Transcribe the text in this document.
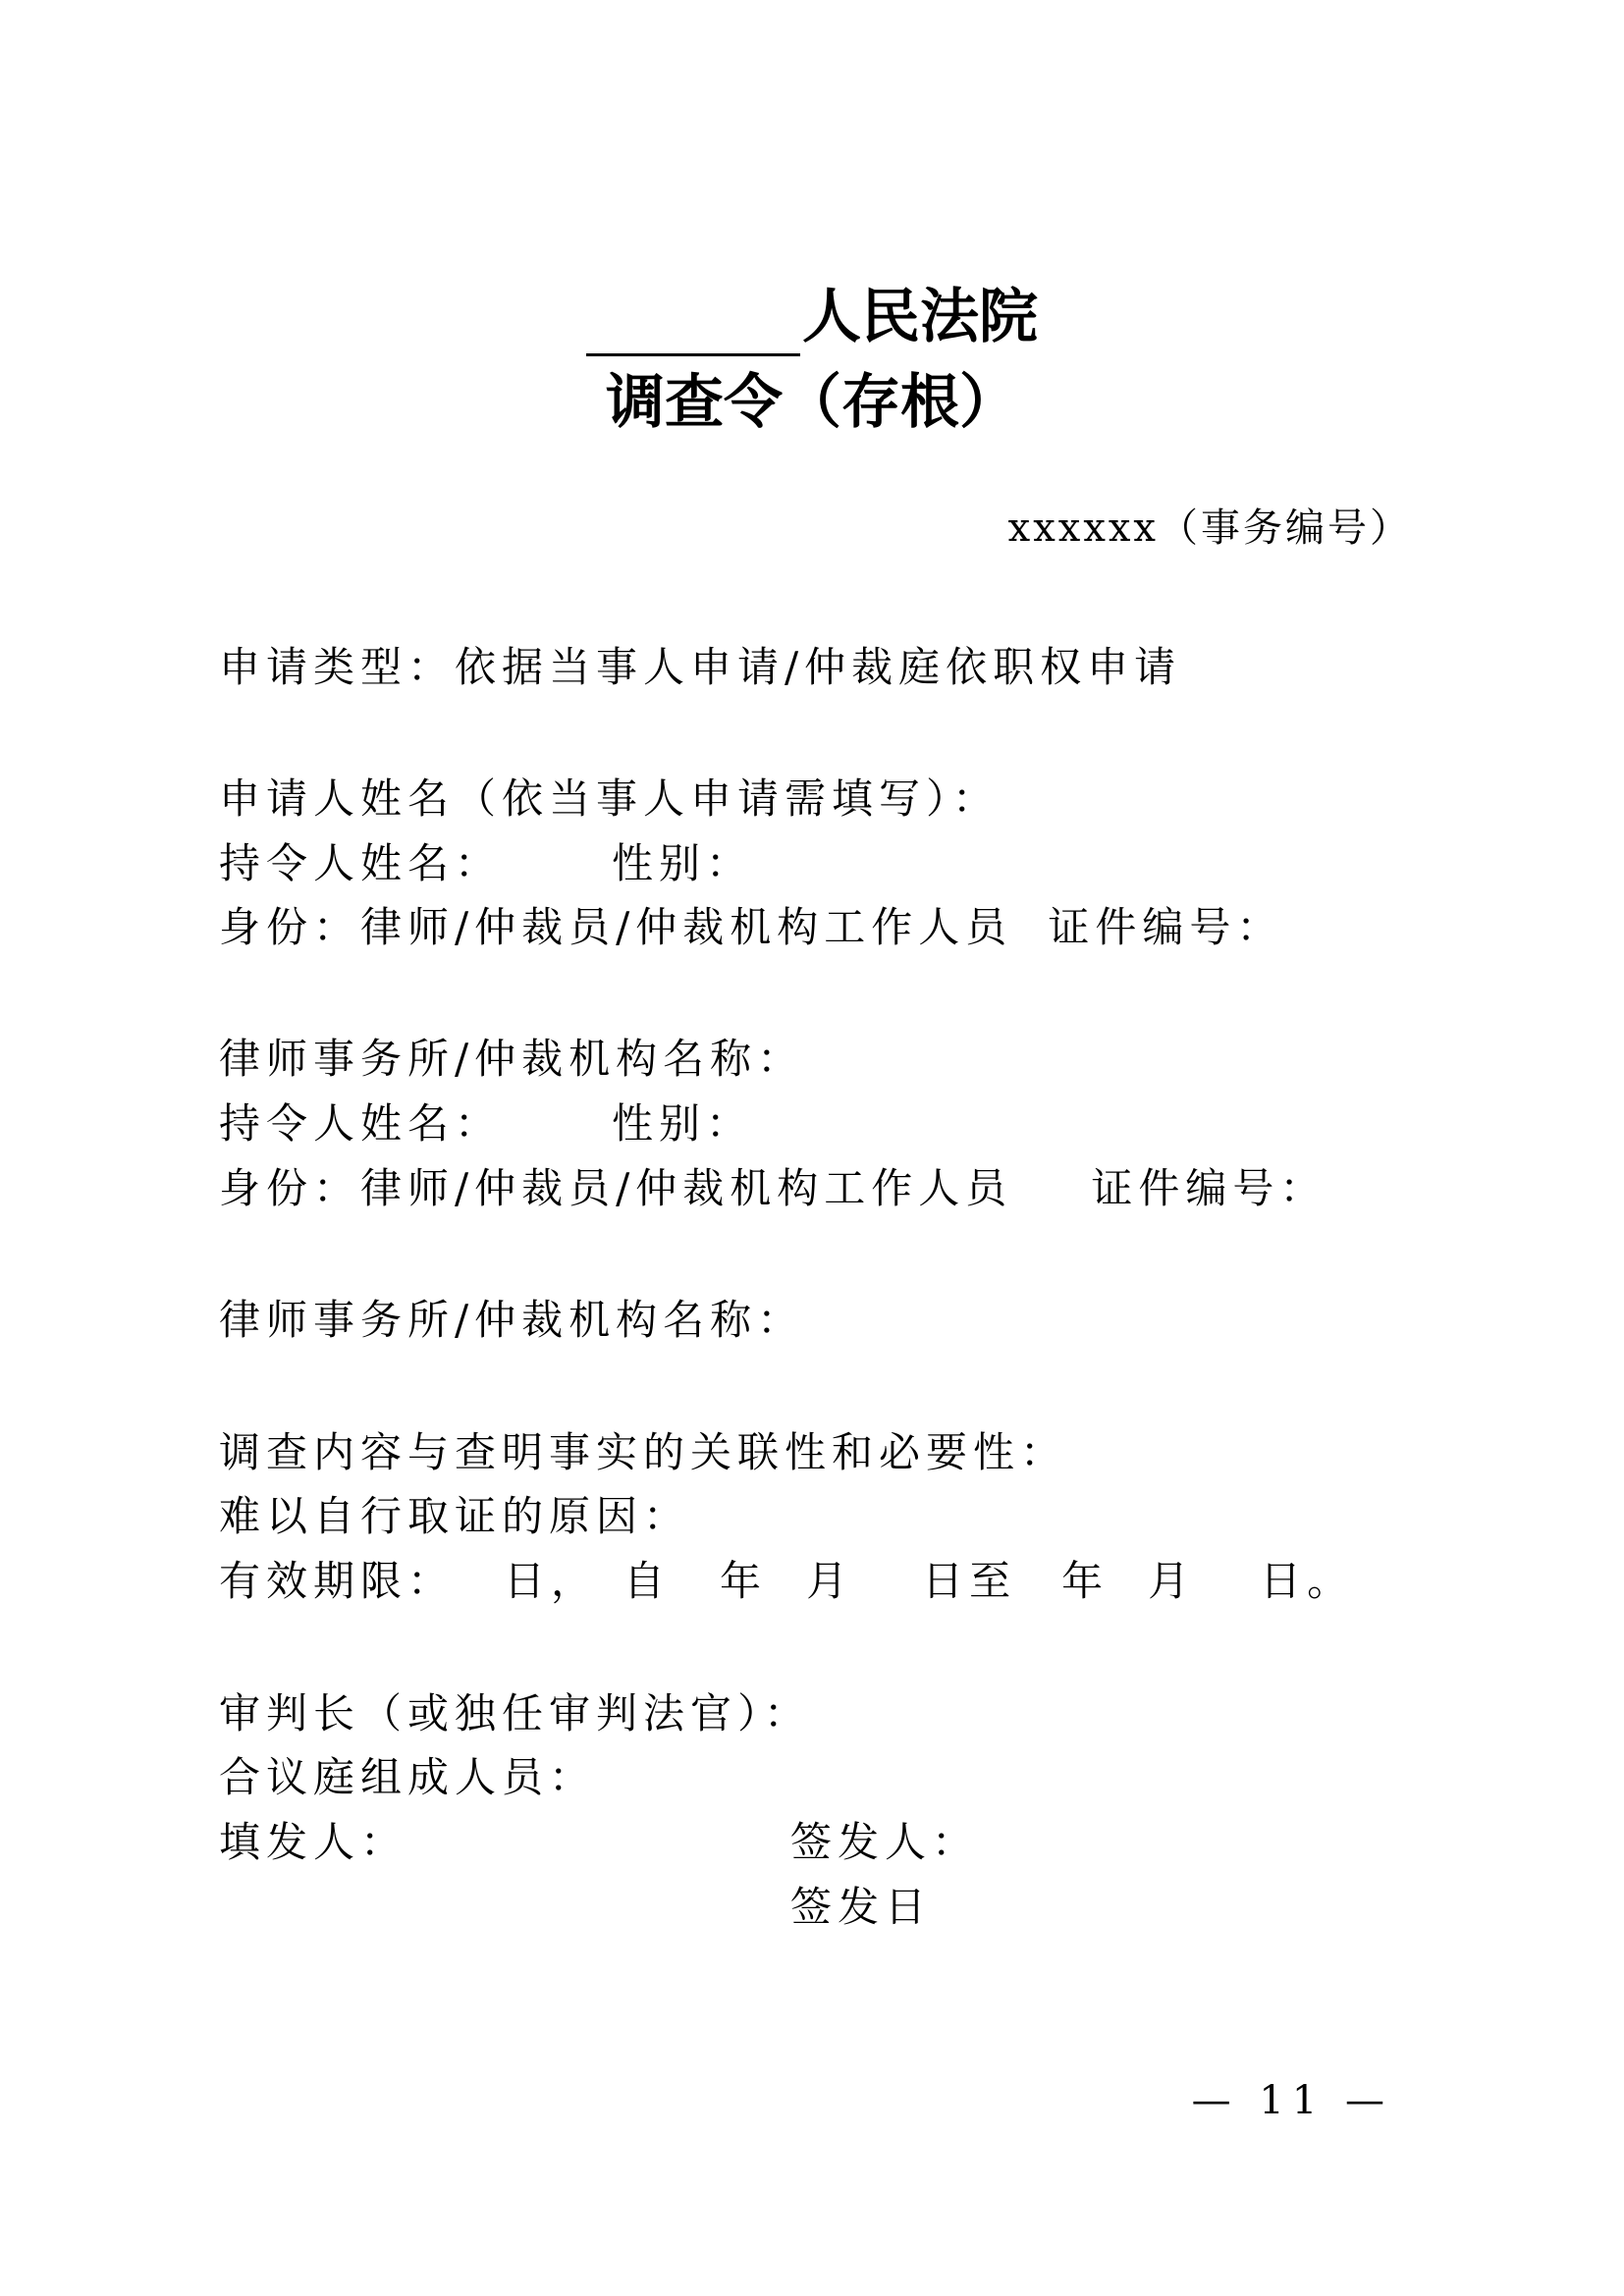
人民法院
调查令（存根）
xxxxxx（事务编号）
申请类型：依据当事人申请/仲裁庭依职权申请
申请人姓名（依当事人申请需填写）：
持令人姓名：	性别：
身份：律师/仲裁员/仲裁机构工作人员 证件编号：
律师事务所/仲裁机构名称：
持令人姓名：	性别：
身份：律师/仲裁员/仲裁机构工作人员 证件编号：
律师事务所/仲裁机构名称：
调查内容与查明事实的关联性和必要性：
难以自行取证的原因：
有效期限： 日， 自 年 月 日至 年 月 日。
审判长（或独任审判法官）：
合议庭组成人员：
填发人：	签发人：
签发日
— 11 —
